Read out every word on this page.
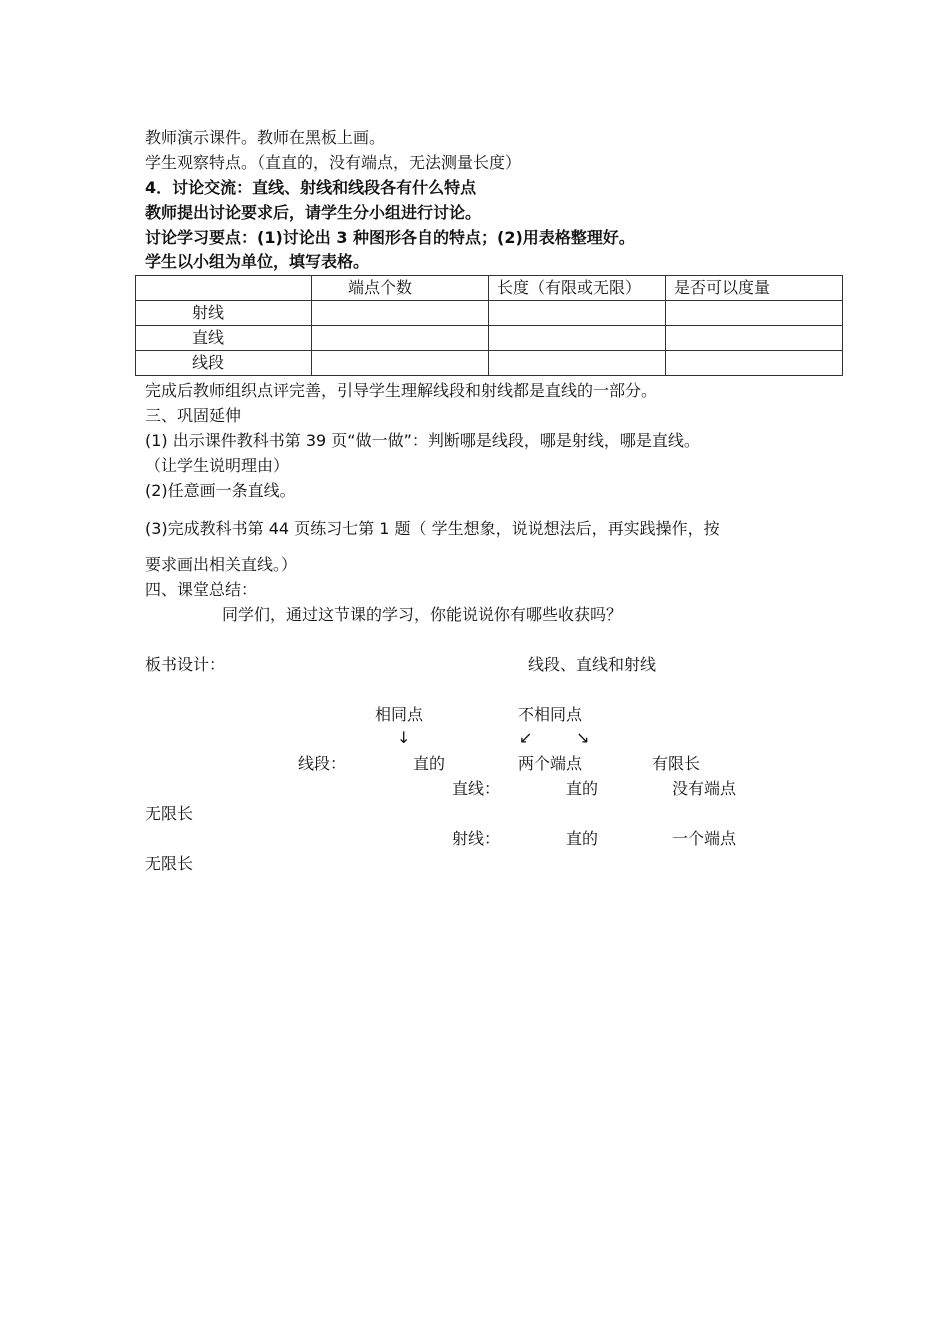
教师演示课件。教师在黑板上画。
学生观察特点。（直直的，没有端点，无法测量长度）
4．讨论交流：直线、射线和线段各有什么特点
教师提出讨论要求后，请学生分小组进行讨论。
讨论学习要点：(1)讨论出 3 种图形各自的特点；(2)用表格整理好。
学生以小组为单位，填写表格。
	端点个数	长度（有限或无限）	是否可以度量
射线			
直线			
线段			
完成后教师组织点评完善，引导学生理解线段和射线都是直线的一部分。
三、巩固延伸
(1) 出示课件教科书第 39 页“做一做”：判断哪是线段，哪是射线，哪是直线。
（让学生说明理由）
(2)任意画一条直线。
(3)完成教科书第 44 页练习七第 1 题（ 学生想象，说说想法后，再实践操作，按
要求画出相关直线。）
四、课堂总结：
同学们，通过这节课的学习，你能说说你有哪些收获吗？
板书设计：	线段、直线和射线
相同点	不相同点
↓	↙	↘
线段：	直的	两个端点	有限长
直线：	直的	没有端点
无限长
射线：	直的	一个端点
无限长
